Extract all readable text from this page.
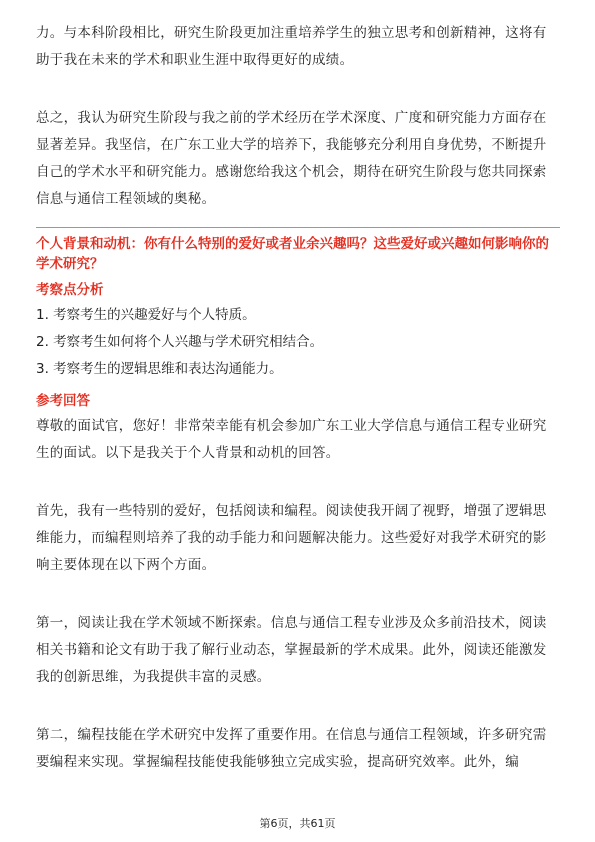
力。与本科阶段相比，研究生阶段更加注重培养学生的独立思考和创新精神，这将有助于我在未来的学术和职业生涯中取得更好的成绩。

总之，我认为研究生阶段与我之前的学术经历在学术深度、广度和研究能力方面存在显著差异。我坚信，在广东工业大学的培养下，我能够充分利用自身优势，不断提升自己的学术水平和研究能力。感谢您给我这个机会，期待在研究生阶段与您共同探索信息与通信工程领域的奥秘。

个人背景和动机：你有什么特别的爱好或者业余兴趣吗？这些爱好或兴趣如何影响你的学术研究？

考察点分析

1. 考察考生的兴趣爱好与个人特质。
2. 考察考生如何将个人兴趣与学术研究相结合。
3. 考察考生的逻辑思维和表达沟通能力。

参考回答

尊敬的面试官，您好！非常荣幸能有机会参加广东工业大学信息与通信工程专业研究生的面试。以下是我关于个人背景和动机的回答。

首先，我有一些特别的爱好，包括阅读和编程。阅读使我开阔了视野，增强了逻辑思维能力，而编程则培养了我的动手能力和问题解决能力。这些爱好对我学术研究的影响主要体现在以下两个方面。

第一，阅读让我在学术领域不断探索。信息与通信工程专业涉及众多前沿技术，阅读相关书籍和论文有助于我了解行业动态，掌握最新的学术成果。此外，阅读还能激发我的创新思维，为我提供丰富的灵感。

第二，编程技能在学术研究中发挥了重要作用。在信息与通信工程领域，许多研究需要编程来实现。掌握编程技能使我能够独立完成实验，提高研究效率。此外，编

第6页，共61页
